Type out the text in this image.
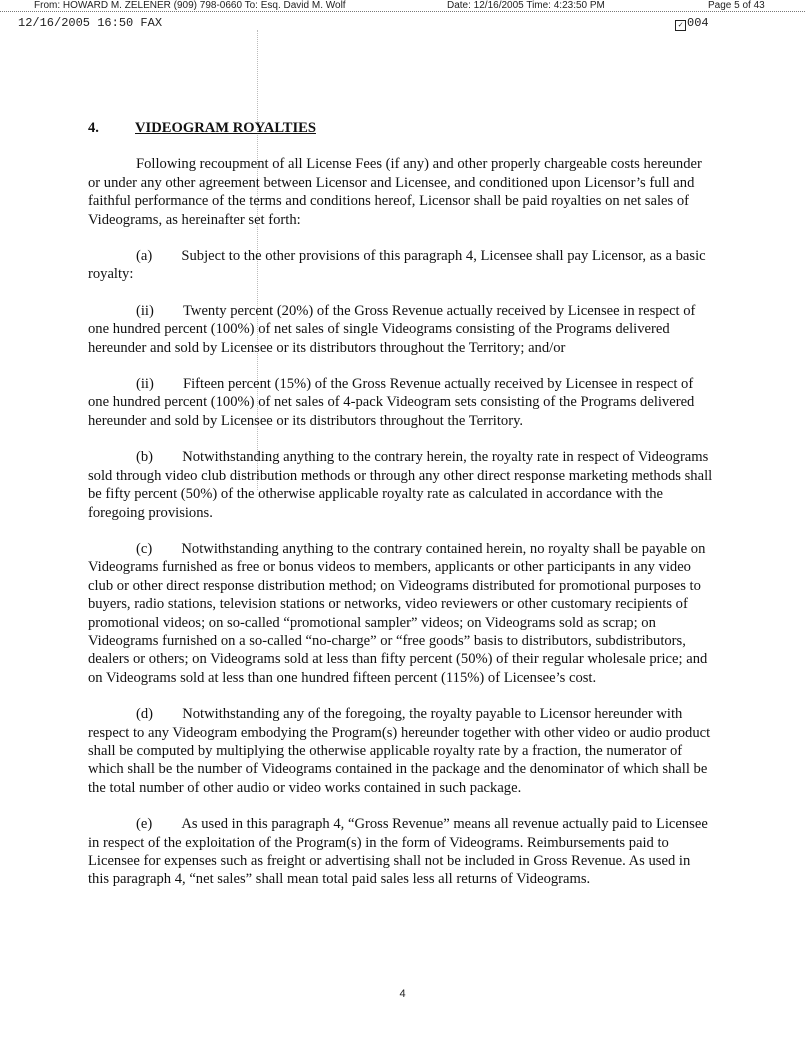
From: HOWARD M. ZELENER (909) 798-0660 To: Esq. David M. Wolf	Date: 12/16/2005 Time: 4:23:50 PM	Page 5 of 43
12/16/2005 16:50 FAX	✓ 004

4. VIDEOGRAM ROYALTIES

Following recoupment of all License Fees (if any) and other properly chargeable costs hereunder or under any other agreement between Licensor and Licensee, and conditioned upon Licensor’s full and faithful performance of the terms and conditions hereof, Licensor shall be paid royalties on net sales of Videograms, as hereinafter set forth:

(a)  Subject to the other provisions of this paragraph 4, Licensee shall pay Licensor, as a basic royalty:

(ii)  Twenty percent (20%) of the Gross Revenue actually received by Licensee in respect of one hundred percent (100%) of net sales of single Videograms consisting of the Programs delivered hereunder and sold by Licensee or its distributors throughout the Territory; and/or

(ii)  Fifteen percent (15%) of the Gross Revenue actually received by Licensee in respect of one hundred percent (100%) of net sales of 4-pack Videogram sets consisting of the Programs delivered hereunder and sold by Licensee or its distributors throughout the Territory.

(b)  Notwithstanding anything to the contrary herein, the royalty rate in respect of Videograms sold through video club distribution methods or through any other direct response marketing methods shall be fifty percent (50%) of the otherwise applicable royalty rate as calculated in accordance with the foregoing provisions.

(c)  Notwithstanding anything to the contrary contained herein, no royalty shall be payable on Videograms furnished as free or bonus videos to members, applicants or other participants in any video club or other direct response distribution method; on Videograms distributed for promotional purposes to buyers, radio stations, television stations or networks, video reviewers or other customary recipients of promotional videos; on so-called “promotional sampler” videos; on Videograms sold as scrap; on Videograms furnished on a so-called “no-charge” or “free goods” basis to distributors, subdistributors, dealers or others; on Videograms sold at less than fifty percent (50%) of their regular wholesale price; and on Videograms sold at less than one hundred fifteen percent (115%) of Licensee’s cost.

(d)  Notwithstanding any of the foregoing, the royalty payable to Licensor hereunder with respect to any Videogram embodying the Program(s) hereunder together with other video or audio product shall be computed by multiplying the otherwise applicable royalty rate by a fraction, the numerator of which shall be the number of Videograms contained in the package and the denominator of which shall be the total number of other audio or video works contained in such package.

(e)  As used in this paragraph 4, “Gross Revenue” means all revenue actually paid to Licensee in respect of the exploitation of the Program(s) in the form of Videograms. Reimbursements paid to Licensee for expenses such as freight or advertising shall not be included in Gross Revenue. As used in this paragraph 4, “net sales” shall mean total paid sales less all returns of Videograms.

4
